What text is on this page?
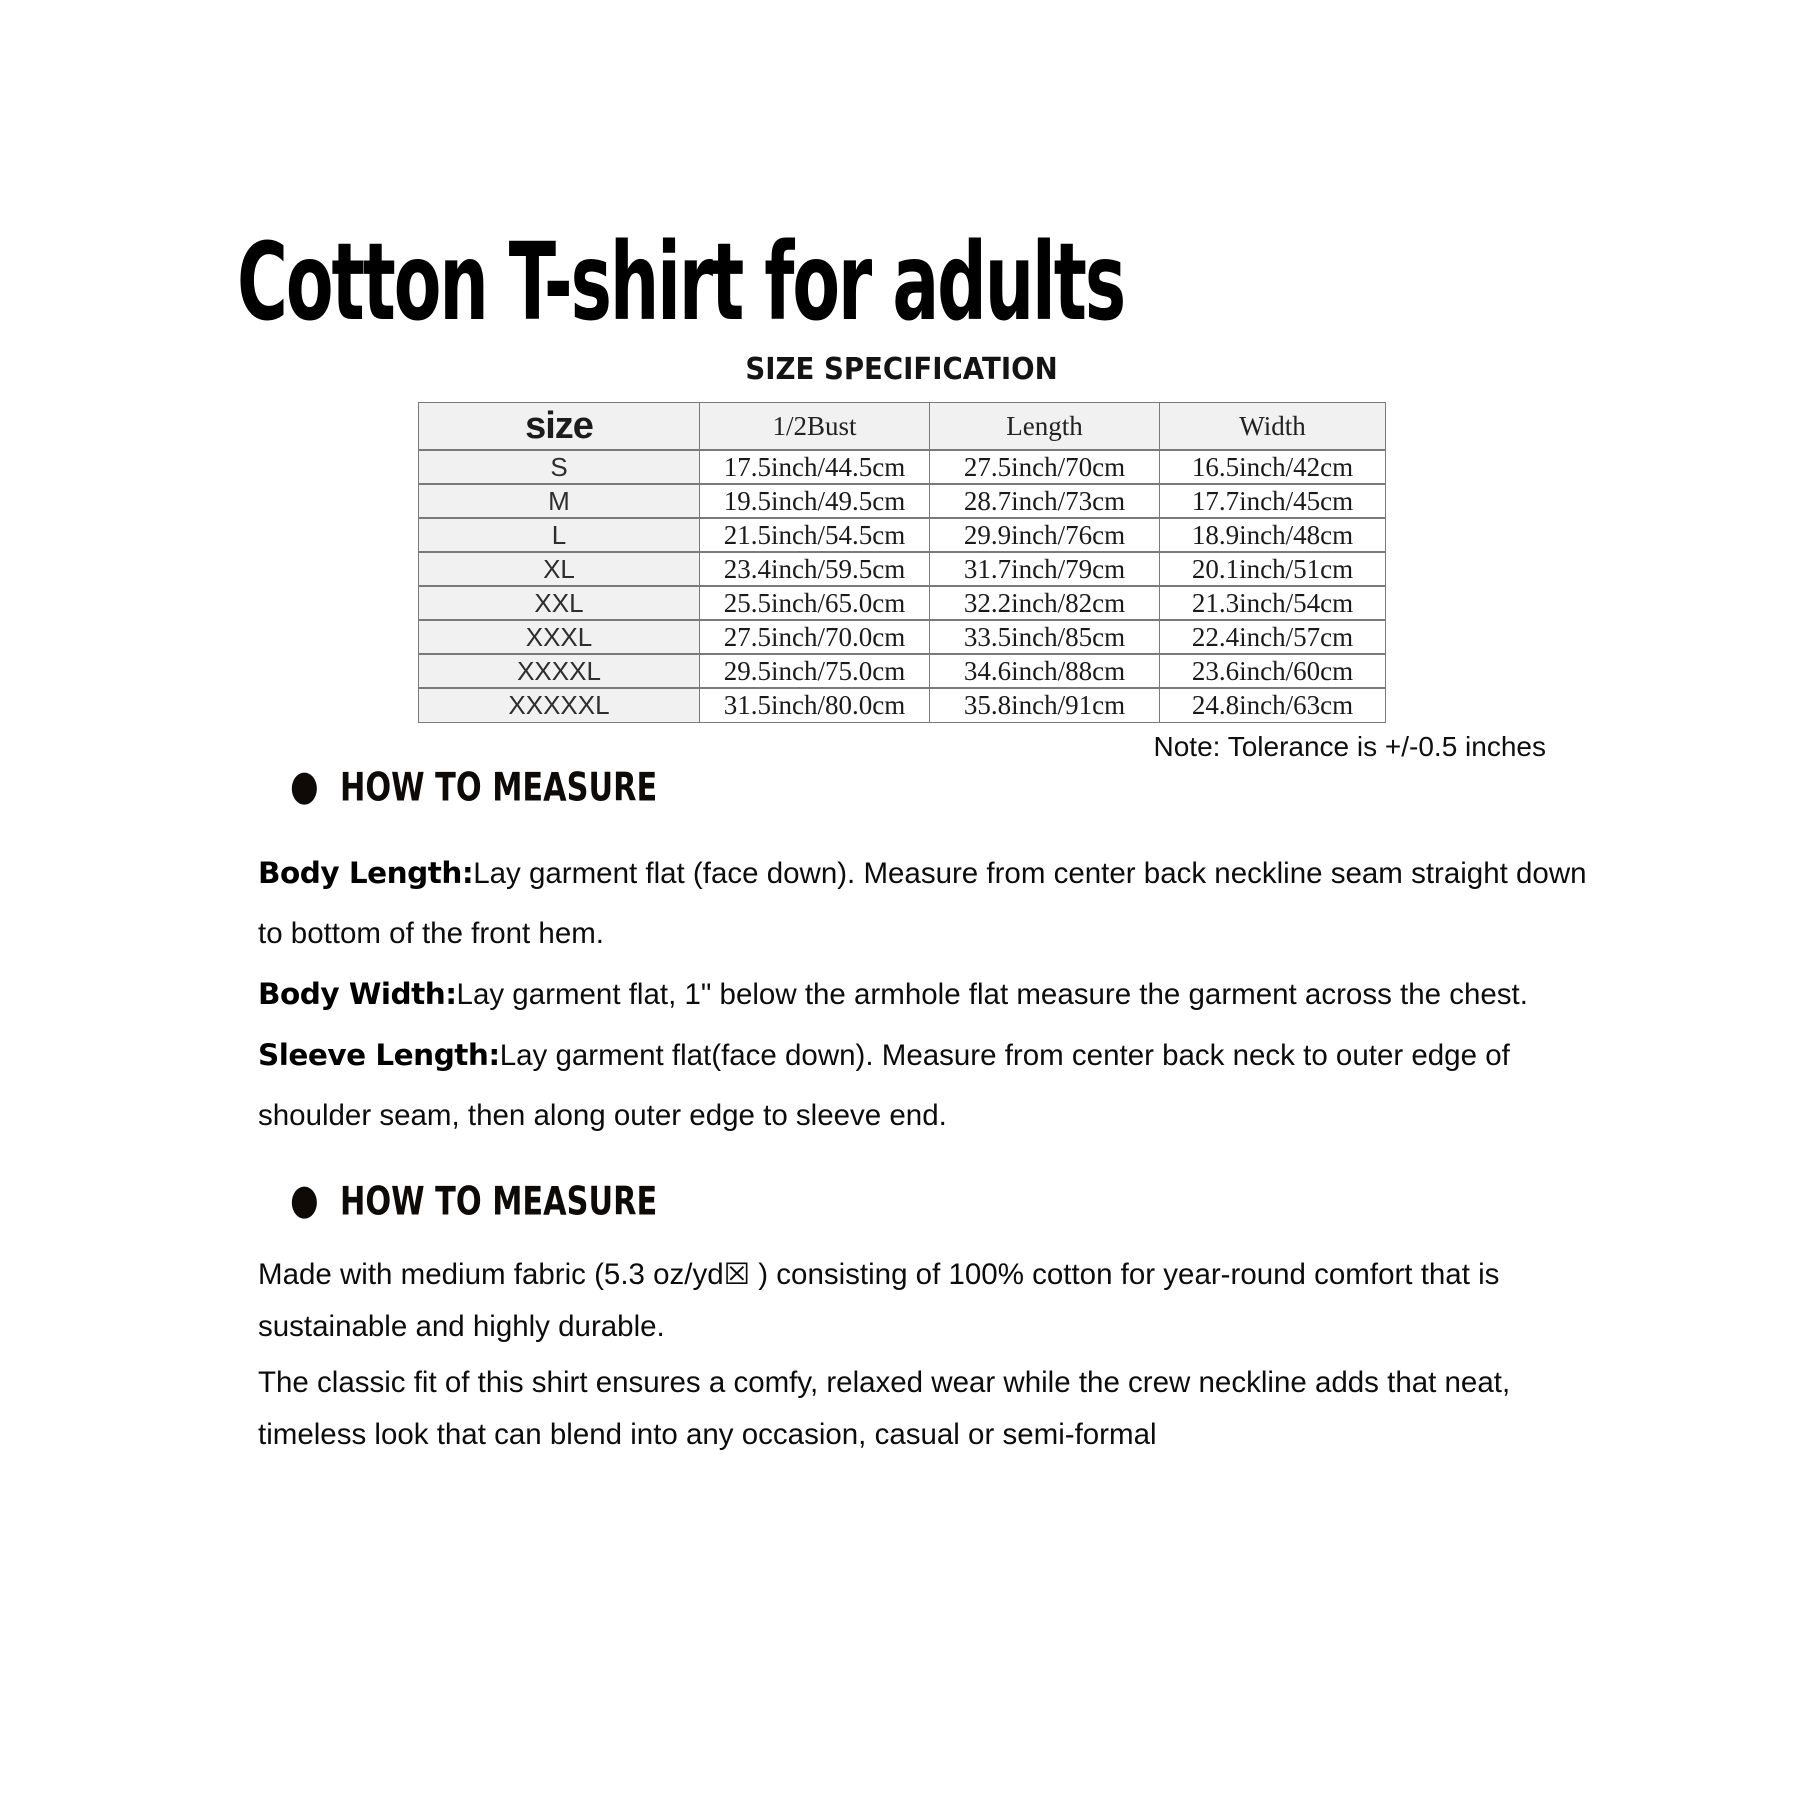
Cotton T-shirt for adults
SIZE SPECIFICATION
size	1/2Bust	Length	Width
S	17.5inch/44.5cm	27.5inch/70cm	16.5inch/42cm
M	19.5inch/49.5cm	28.7inch/73cm	17.7inch/45cm
L	21.5inch/54.5cm	29.9inch/76cm	18.9inch/48cm
XL	23.4inch/59.5cm	31.7inch/79cm	20.1inch/51cm
XXL	25.5inch/65.0cm	32.2inch/82cm	21.3inch/54cm
XXXL	27.5inch/70.0cm	33.5inch/85cm	22.4inch/57cm
XXXXL	29.5inch/75.0cm	34.6inch/88cm	23.6inch/60cm
XXXXXL	31.5inch/80.0cm	35.8inch/91cm	24.8inch/63cm
Note: Tolerance is +/-0.5 inches
● HOW TO MEASURE

Body Length:Lay garment flat (face down). Measure from center back neckline seam straight down to bottom of the front hem.

Body Width:Lay garment flat, 1" below the armhole flat measure the garment across the chest.

Sleeve Length:Lay garment flat(face down). Measure from center back neck to outer edge of shoulder seam, then along outer edge to sleeve end.

● HOW TO MEASURE

Made with medium fabric (5.3 oz/yd☒ ) consisting of 100% cotton for year-round comfort that is sustainable and highly durable.

The classic fit of this shirt ensures a comfy, relaxed wear while the crew neckline adds that neat, timeless look that can blend into any occasion, casual or semi-formal
